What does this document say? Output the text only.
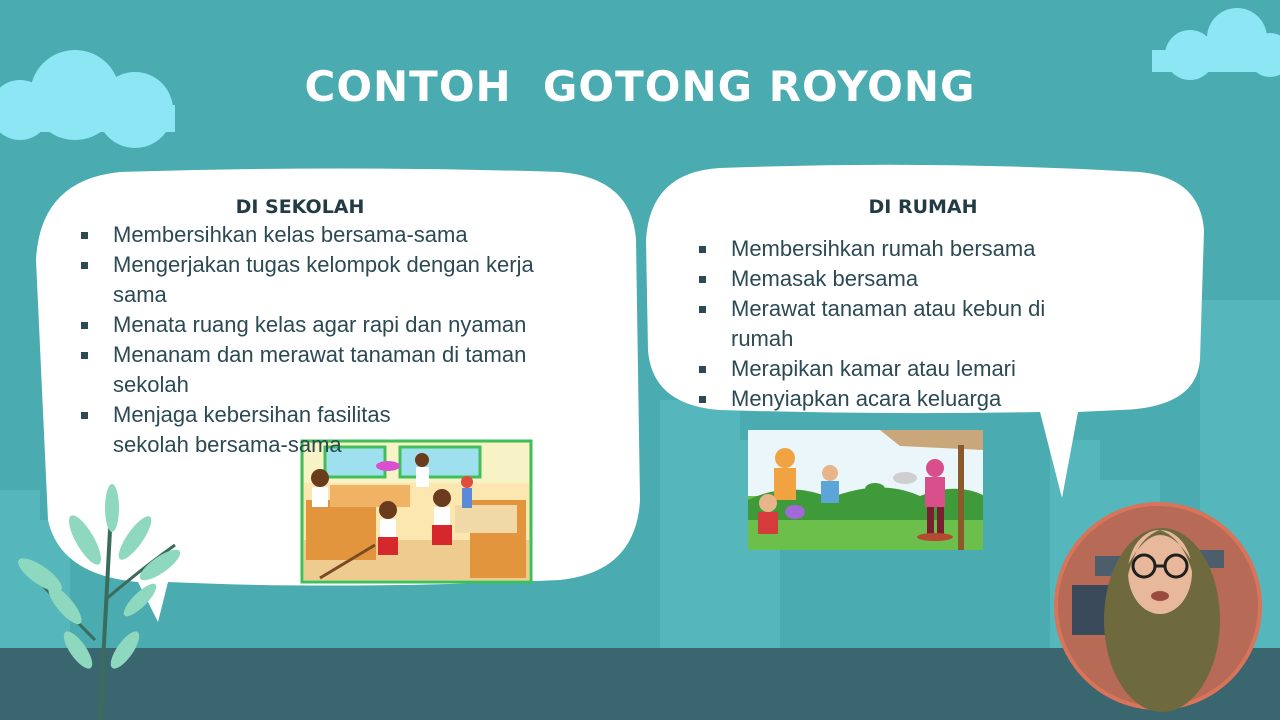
CONTOH  GOTONG ROYONG
DI SEKOLAH
Membersihkan kelas bersama-sama
Mengerjakan tugas kelompok dengan kerja sama
Menata ruang kelas agar rapi dan nyaman
Menanam dan merawat tanaman di taman sekolah
Menjaga kebersihan fasilitas sekolah bersama-sama
DI RUMAH
Membersihkan rumah bersama
Memasak bersama
Merawat tanaman atau kebun di rumah
Merapikan kamar atau lemari
Menyiapkan acara keluarga
